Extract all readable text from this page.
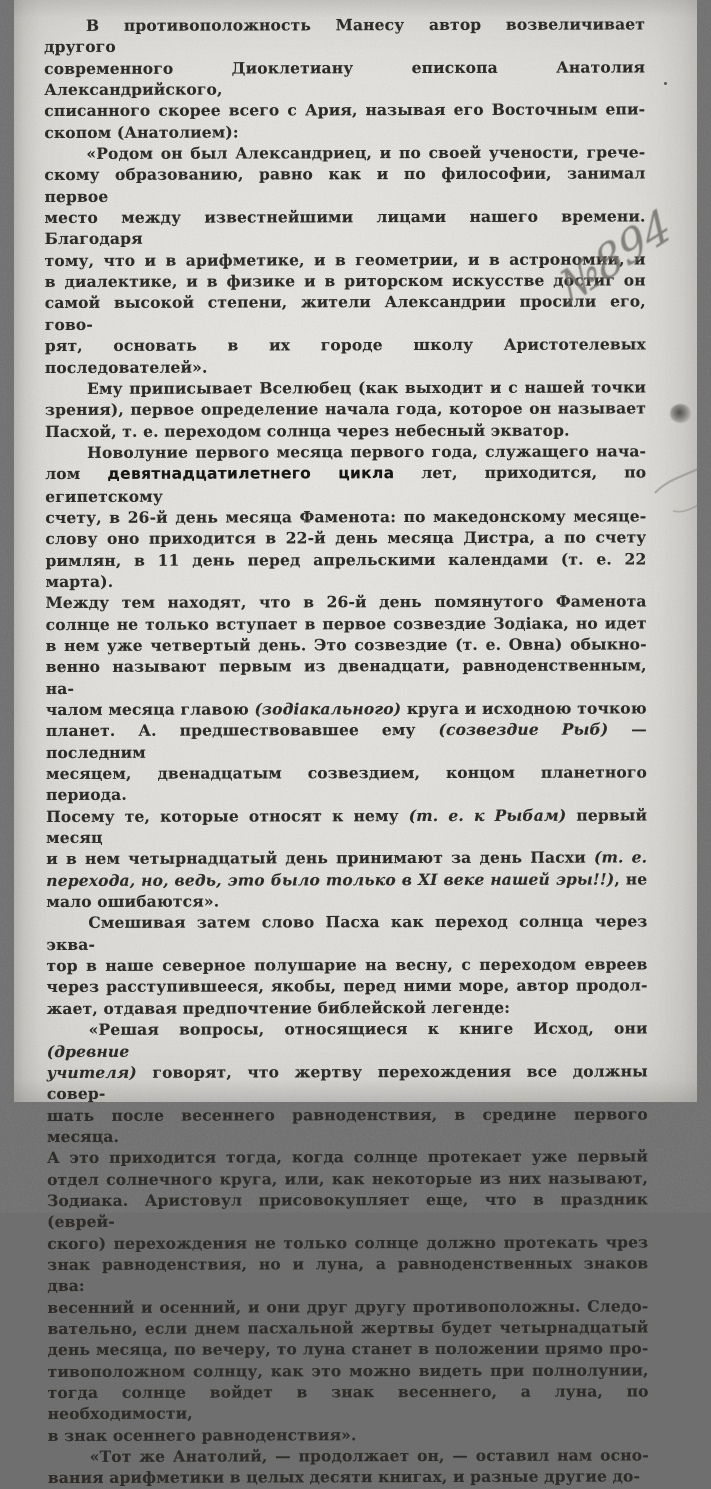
В противоположность Манесу автор возвеличивает другого
современного Диоклетиану епископа Анатолия Александрийского,
списанного скорее всего с Ария, называя его Восточным епи-
скопом (Анатолием):
«Родом он был Александриец, и по своей учености, грече-
скому образованию, равно как и по философии, занимал первое
место между известнейшими лицами нашего времени. Благодаря
тому, что и в арифметике, и в геометрии, и в астрономии, и
в диалектике, и в физике и в риторском искусстве достиг он
самой высокой степени, жители Александрии просили его, гово-
рят, основать в их городе школу Аристотелевых последователей».
Ему приписывает Вселюбец (как выходит и с нашей точки
зрения), первое определение начала года, которое он называет
Пасхой, т. е. переходом солнца через небесный экватор.
Новолуние первого месяца первого года, служащего нача-
лом девятнадцатилетнего цикла лет, приходится, по египетскому
счету, в 26-й день месяца Фаменота: по македонскому месяце-
слову оно приходится в 22-й день месяца Дистра, а по счету
римлян, в 11 день перед апрельскими календами (т. е. 22 марта).
Между тем находят, что в 26-й день помянутого Фаменота
солнце не только вступает в первое созвездие Зодіака, но идет
в нем уже четвертый день. Это созвездие (т. е. Овна) обыкно-
венно называют первым из двенадцати, равноденственным, на-
чалом месяца главою (зодіакального) круга и исходною точкою
планет. А. предшествовавшее ему (созвездие Рыб) — последним
месяцем, двенадцатым созвездием, концом планетного периода.
Посему те, которые относят к нему (т. е. к Рыбам) первый месяц
и в нем четырнадцатый день принимают за день Пасхи (т. е.
перехода, но, ведь, это было только в XI веке нашей эры!!), не
мало ошибаются».
Смешивая затем слово Пасха как переход солнца через эква-
тор в наше северное полушарие на весну, с переходом евреев
через расступившееся, якобы, перед ними море, автор продол-
жает, отдавая предпочтение библейской легенде:
«Решая вопросы, относящиеся к книге Исход, они (древние
учителя) говорят, что жертву перехождения все должны совер-
шать после весеннего равноденствия, в средине первого месяца.
А это приходится тогда, когда солнце протекает уже первый
отдел солнечного круга, или, как некоторые из них называют,
Зодиака. Аристовул присовокупляет еще, что в праздник (еврей-
ского) перехождения не только солнце должно протекать чрез
знак равноденствия, но и луна, а равноденственных знаков два:
весенний и осенний, и они друг другу противоположны. Следо-
вательно, если днем пасхальной жертвы будет четырнадцатый
день месяца, по вечеру, то луна станет в положении прямо про-
тивоположном солнцу, как это можно видеть при полнолунии,
тогда солнце войдет в знак весеннего, а луна, по необходимости,
в знак осеннего равноденствия».
«Тот же Анатолий, — продолжает он, — оставил нам осно-
вания арифметики в целых десяти книгах, и разные другие до-
№894
